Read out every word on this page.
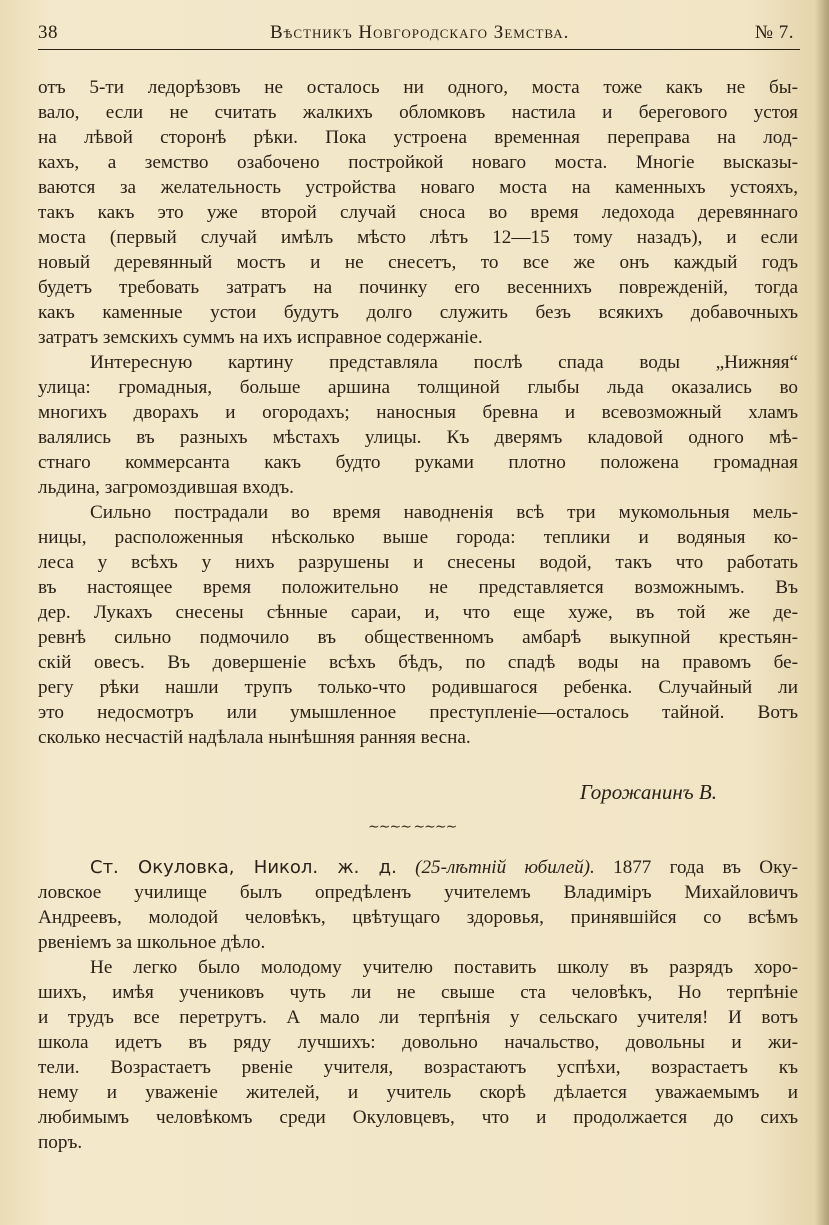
38	Вѣстникъ Новгородскаго Земства.	№ 7.
отъ 5-ти ледорѣзовъ не осталось ни одного, моста тоже какъ не бы-
вало, если не считать жалкихъ обломковъ настила и берегового устоя
на лѣвой сторонѣ рѣки. Пока устроена временная переправа на лод-
кахъ, а земство озабочено постройкой новаго моста. Многіе высказы-
ваются за желательность устройства новаго моста на каменныхъ устояхъ,
такъ какъ это уже второй случай сноса во время ледохода деревяннаго
моста (первый случай имѣлъ мѣсто лѣтъ 12—15 тому назадъ), и если
новый деревянный мостъ и не снесетъ, то все же онъ каждый годъ
будетъ требовать затратъ на починку его весеннихъ поврежденій, тогда
какъ каменные устои будутъ долго служить безъ всякихъ добавочныхъ
затратъ земскихъ суммъ на ихъ исправное содержаніе.
Интересную картину представляла послѣ спада воды „Нижняя“
улица: громадныя, больше аршина толщиной глыбы льда оказались во
многихъ дворахъ и огородахъ; наносныя бревна и всевозможный хламъ
валялись въ разныхъ мѣстахъ улицы. Къ дверямъ кладовой одного мѣ-
стнаго коммерсанта какъ будто руками плотно положена громадная
льдина, загромоздившая входъ.
Сильно пострадали во время наводненія всѣ три мукомольныя мель-
ницы, расположенныя нѣсколько выше города: теплики и водяныя ко-
леса у всѣхъ у нихъ разрушены и снесены водой, такъ что работать
въ настоящее время положительно не представляется возможнымъ. Въ
дер. Лукахъ снесены сѣнные сараи, и, что еще хуже, въ той же де-
ревнѣ сильно подмочило въ общественномъ амбарѣ выкупной крестьян-
скій овесъ. Въ довершеніе всѣхъ бѣдъ, по спадѣ воды на правомъ бе-
регу рѣки нашли трупъ только-что родившагося ребенка. Случайный ли
это недосмотръ или умышленное преступленіе—осталось тайной. Вотъ
сколько несчастій надѣлала нынѣшняя ранняя весна.
Горожанинъ В.
∼∼∼∼ ∼∼∼∼
Ст. Окуловка, Никол. ж. д. (25-лѣтній юбилей). 1877 года въ Оку-
ловское училище былъ опредѣленъ учителемъ Владиміръ Михайловичъ
Андреевъ, молодой человѣкъ, цвѣтущаго здоровья, принявшійся со всѣмъ
рвеніемъ за школьное дѣло.
Не легко было молодому учителю поставить школу въ разрядъ хоро-
шихъ, имѣя учениковъ чуть ли не свыше ста человѣкъ, Но терпѣніе
и трудъ все перетрутъ. А мало ли терпѣнія у сельскаго учителя! И вотъ
школа идетъ въ ряду лучшихъ: довольно начальство, довольны и жи-
тели. Возрастаетъ рвеніе учителя, возрастаютъ успѣхи, возрастаетъ къ
нему и уваженіе жителей, и учитель скорѣ дѣлается уважаемымъ и
любимымъ человѣкомъ среди Окуловцевъ, что и продолжается до сихъ
поръ.
